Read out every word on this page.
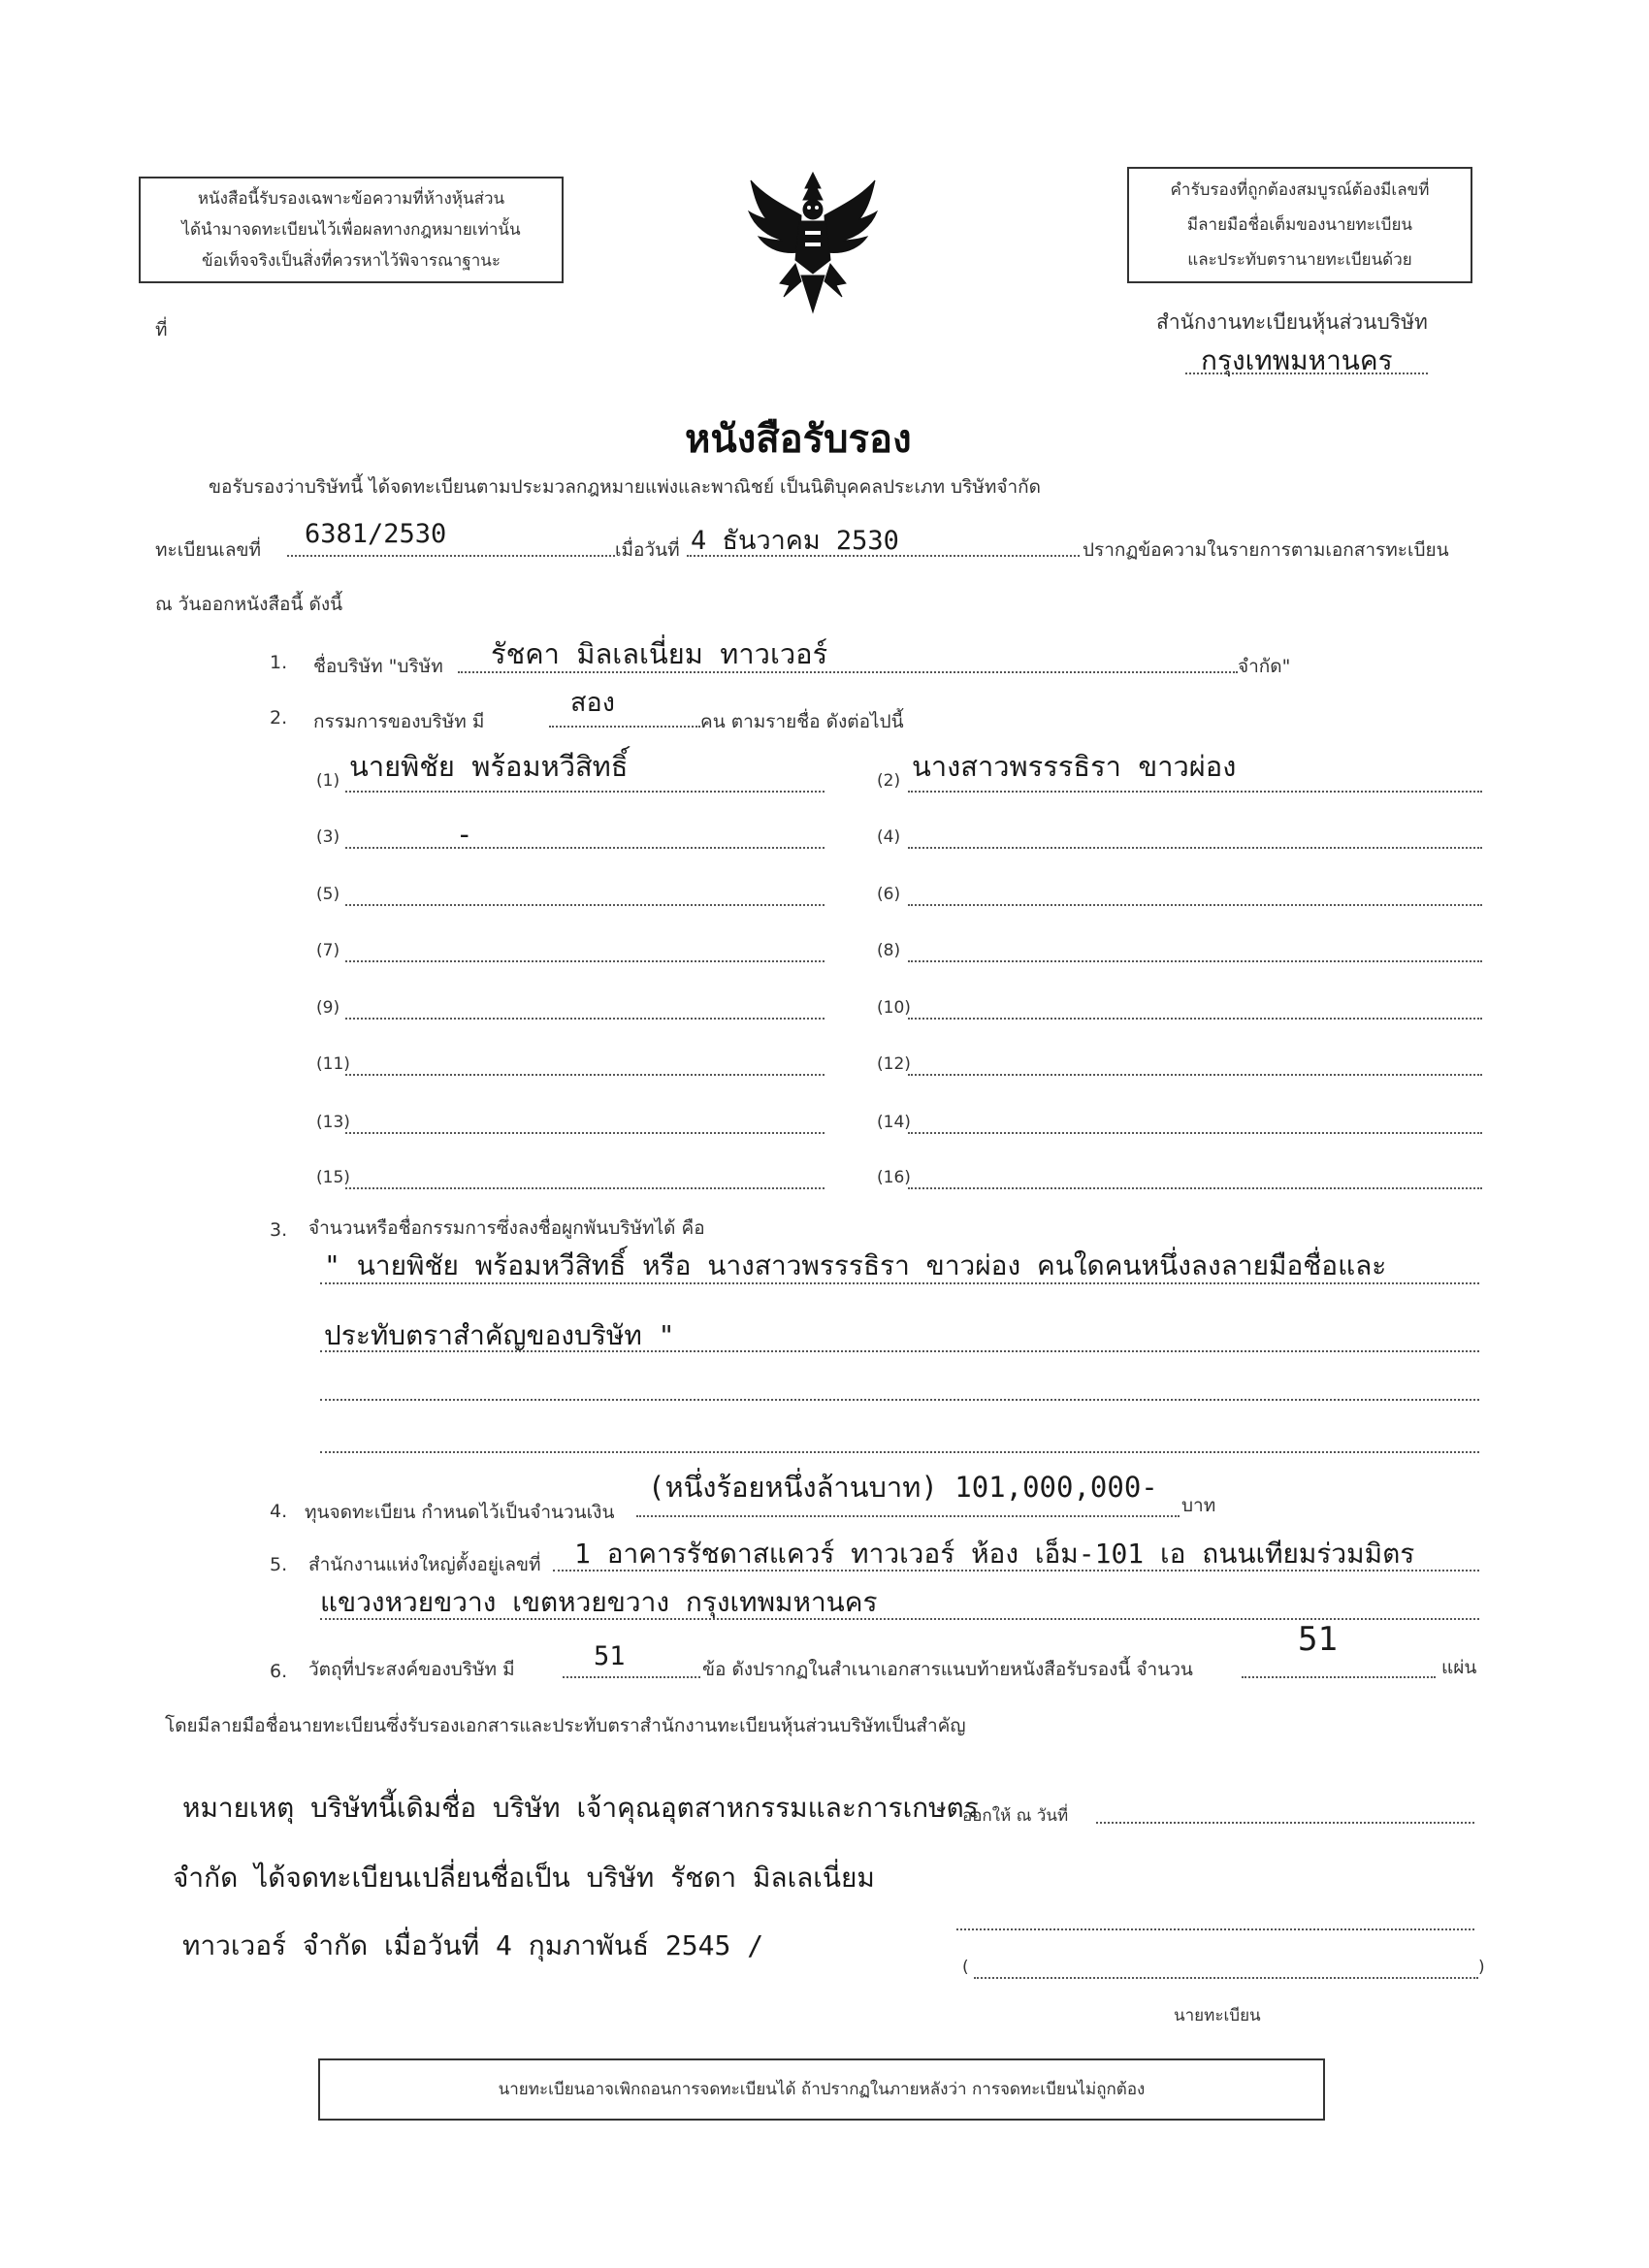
หนังสือนี้รับรองเฉพาะข้อความที่ห้างหุ้นส่วน
ได้นำมาจดทะเบียนไว้เพื่อผลทางกฎหมายเท่านั้น
ข้อเท็จจริงเป็นสิ่งที่ควรหาไว้พิจารณาฐานะ
คำรับรองที่ถูกต้องสมบูรณ์ต้องมีเลขที่
มีลายมือชื่อเต็มของนายทะเบียน
และประทับตรานายทะเบียนด้วย
ที่	สำนักงานทะเบียนหุ้นส่วนบริษัท
กรุงเทพมหานคร
หนังสือรับรอง
ขอรับรองว่าบริษัทนี้ ได้จดทะเบียนตามประมวลกฎหมายแพ่งและพาณิชย์ เป็นนิติบุคคลประเภท บริษัทจำกัด
ทะเบียนเลขที่
6381/2530
เมื่อวันที่ 4 ธันวาคม 2530	ปรากฏข้อความในรายการตามเอกสารทะเบียน
ณ วันออกหนังสือนี้ ดังนี้
1. ชื่อบริษัท "บริษัท รัชคา มิลเลเนี่ยม ทาวเวอร์	จำกัด"
2. กรรมการของบริษัท มี
สอง
คน ตามรายชื่อ ดังต่อไปนี้
(1) นายพิชัย พร้อมหวีสิทธิ์	(2) นางสาวพรรรธิรา ขาวผ่อง
(3)	-	(4)
(5)	(6)
(7)	(8)
(9)	(10)
(11)	(12)
(13)	(14)
(15)	(16)
3. จำนวนหรือชื่อกรรมการซึ่งลงชื่อผูกพันบริษัทได้ คือ
" นายพิชัย พร้อมหวีสิทธิ์ หรือ นางสาวพรรรธิรา ขาวผ่อง คนใดคนหนึ่งลงลายมือชื่อและ
ประทับตราสำคัญของบริษัท "
4. ทุนจดทะเบียน กำหนดไว้เป็นจำนวนเงิน
(หนึ่งร้อยหนึ่งล้านบาท) 101,000,000-
บาท
5. สำนักงานแห่งใหญ่ตั้งอยู่เลขที่ 1 อาคารรัชดาสแควร์ ทาวเวอร์ ห้อง เอ็ม-101 เอ ถนนเทียมร่วมมิตร
แขวงหวยขวาง เขตหวยขวาง กรุงเทพมหานคร
6. วัตถุที่ประสงค์ของบริษัท มี	51	ข้อ ดังปรากฏในสำเนาเอกสารแนบท้ายหนังสือรับรองนี้ จำนวน
51
แผ่น
โดยมีลายมือชื่อนายทะเบียนซึ่งรับรองเอกสารและประทับตราสำนักงานทะเบียนหุ้นส่วนบริษัทเป็นสำคัญ
หมายเหตุ บริษัทนี้เดิมชื่อ บริษัท เจ้าคุณอุตสาหกรรมและการเกษตร
จำกัด ได้จดทะเบียนเปลี่ยนชื่อเป็น บริษัท รัชดา มิลเลเนี่ยม
ทาวเวอร์ จำกัด เมื่อวันที่ 4 กุมภาพันธ์ 2545 /
ออกให้ ณ วันที่
(	)
นายทะเบียน
นายทะเบียนอาจเพิกถอนการจดทะเบียนได้ ถ้าปรากฏในภายหลังว่า การจดทะเบียนไม่ถูกต้อง
